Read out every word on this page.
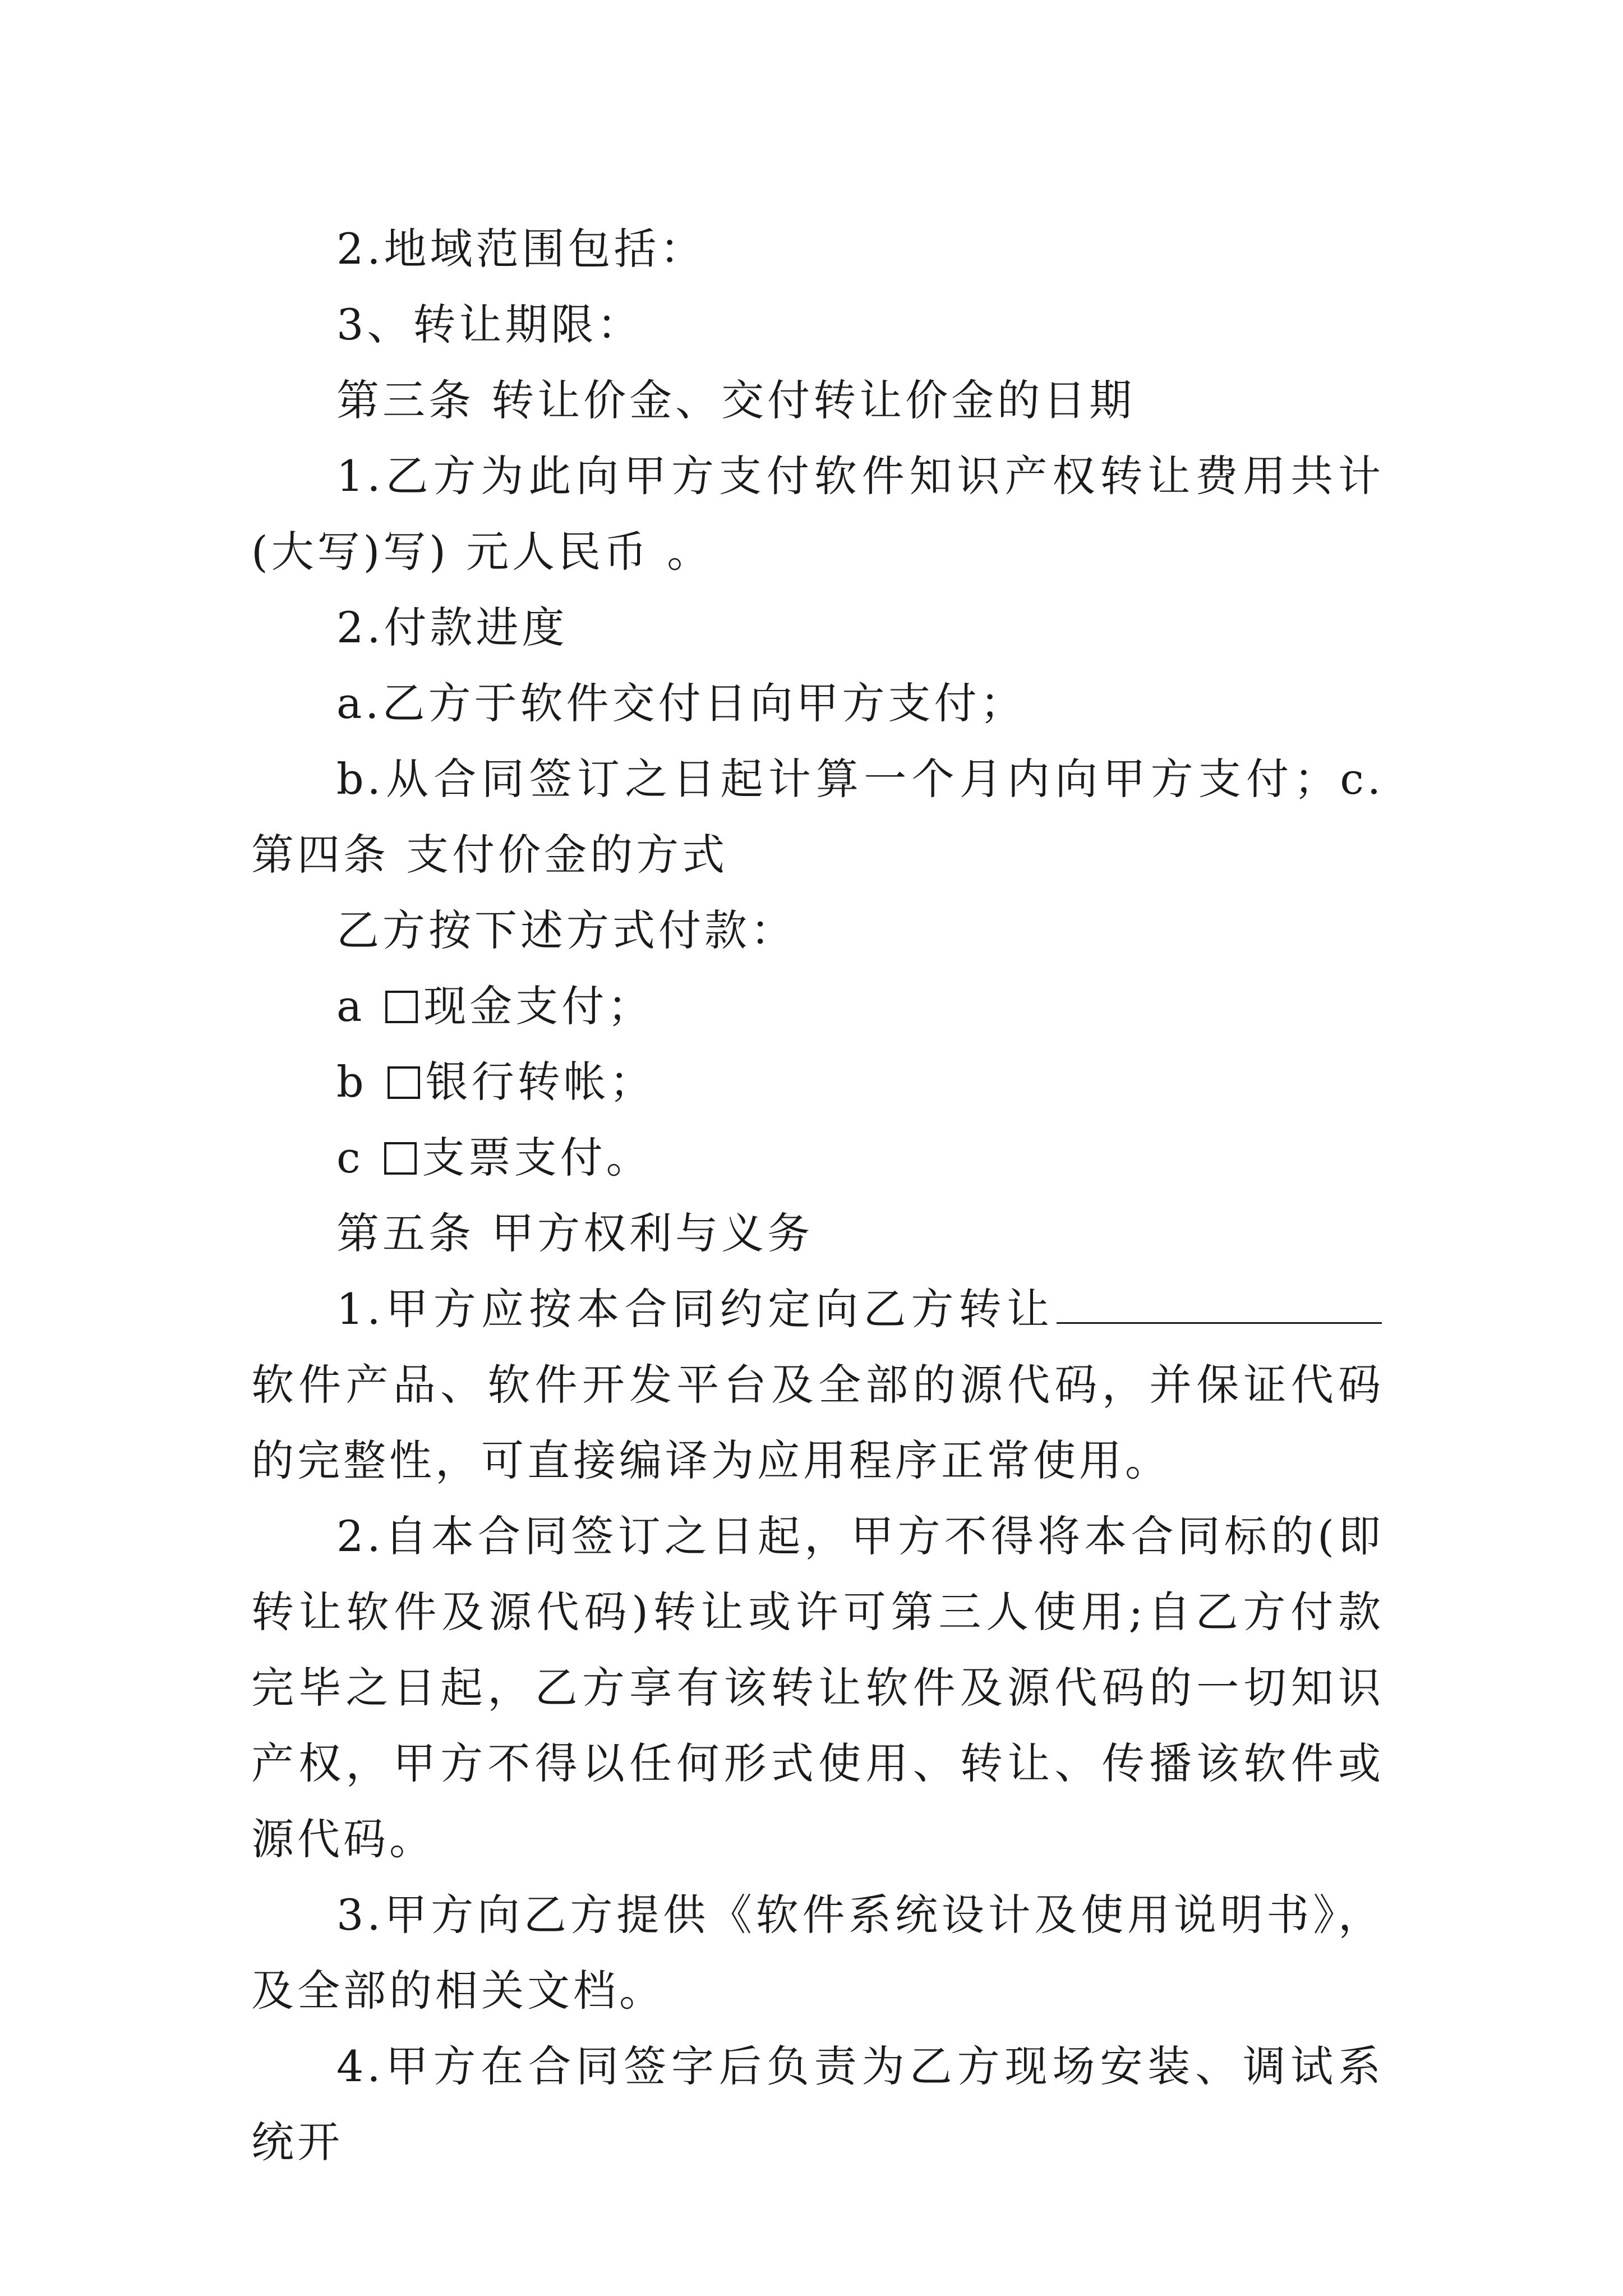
2.地域范围包括：

3、转让期限：

第三条 转让价金、交付转让价金的日期

1.乙方为此向甲方支付软件知识产权转让费用共计(大写)写) 元人民币 。

2.付款进度

a.乙方于软件交付日向甲方支付；

b.从合同签订之日起计算一个月内向甲方支付；c. 第四条 支付价金的方式

乙方按下述方式付款：

a 现金支付；

b 银行转帐；

c 支票支付。

第五条 甲方权利与义务

1.甲方应按本合同约定向乙方转让软件产品、软件开发平台及全部的源代码，并保证代码的完整性，可直接编译为应用程序正常使用。

2.自本合同签订之日起，甲方不得将本合同标的(即转让软件及源代码)转让或许可第三人使用;自乙方付款完毕之日起，乙方享有该转让软件及源代码的一切知识产权，甲方不得以任何形式使用、转让、传播该软件或源代码。

3.甲方向乙方提供《软件系统设计及使用说明书》，及全部的相关文档。

4.甲方在合同签字后负责为乙方现场安装、调试系统开
